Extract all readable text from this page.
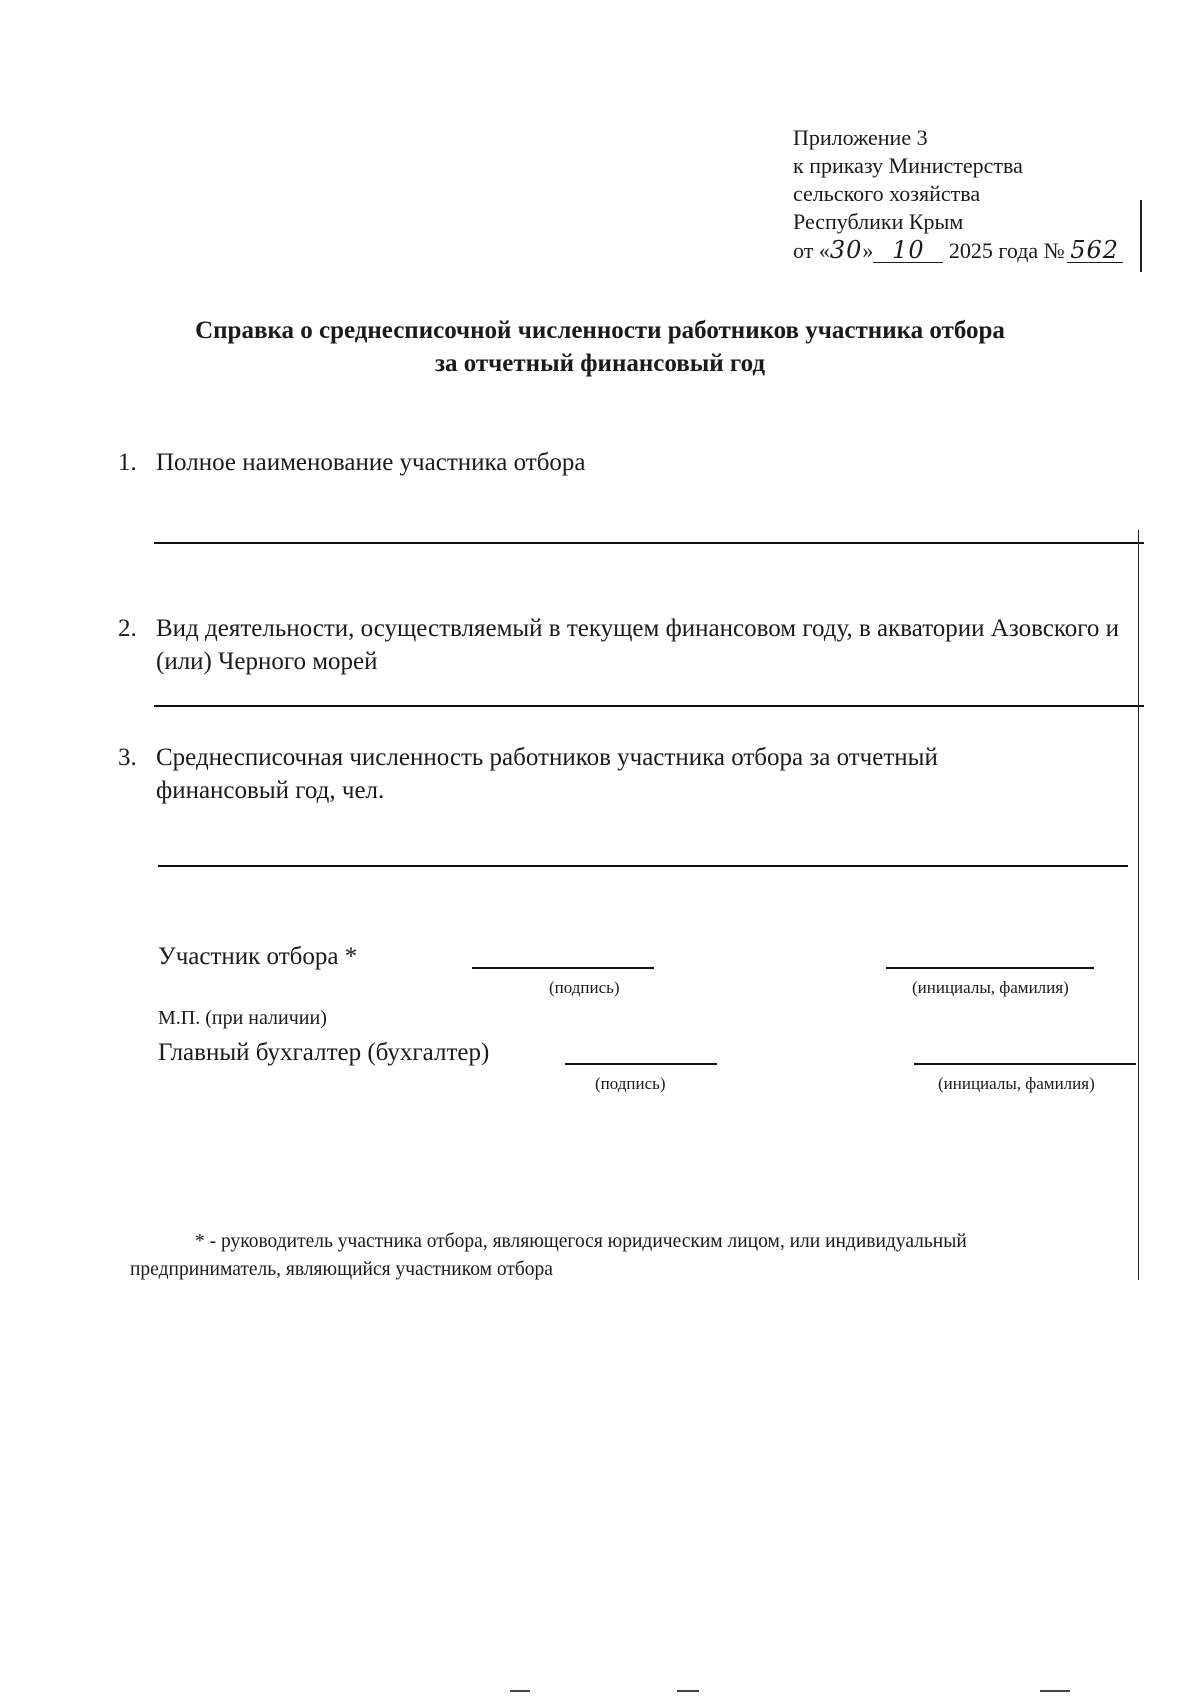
Приложение 3
к приказу Министерства
сельского хозяйства
Республики Крым
от «30» 10 2025 года № 562
Справка о среднесписочной численности работников участника отбора
за отчетный финансовый год
1. Полное наименование участника отбора
2. Вид деятельности, осуществляемый в текущем финансовом году, в акватории Азовского и (или) Черного морей
3. Среднесписочная численность работников участника отбора за отчетный финансовый год, чел.
Участник отбора *
(подпись)	(инициалы, фамилия)
М.П. (при наличии)
Главный бухгалтер (бухгалтер)
(подпись)	(инициалы, фамилия)
* - руководитель участника отбора, являющегося юридическим лицом, или индивидуальный
предприниматель, являющийся участником отбора
